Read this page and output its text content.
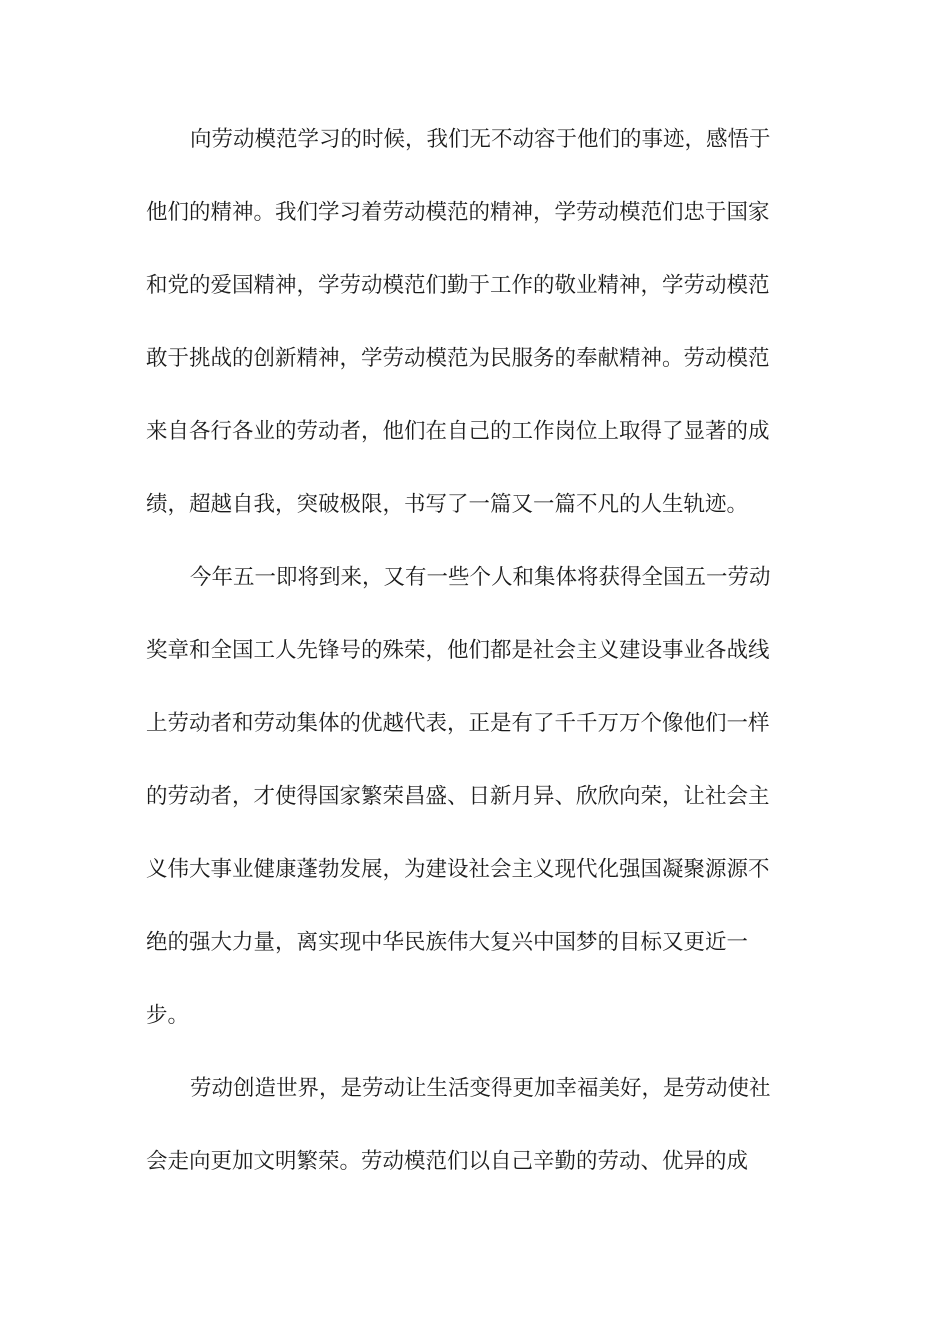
向劳动模范学习的时候，我们无不动容于他们的事迹，感悟于
他们的精神。我们学习着劳动模范的精神，学劳动模范们忠于国家
和党的爱国精神，学劳动模范们勤于工作的敬业精神，学劳动模范
敢于挑战的创新精神，学劳动模范为民服务的奉献精神。劳动模范
来自各行各业的劳动者，他们在自己的工作岗位上取得了显著的成
绩，超越自我，突破极限，书写了一篇又一篇不凡的人生轨迹。
今年五一即将到来，又有一些个人和集体将获得全国五一劳动
奖章和全国工人先锋号的殊荣，他们都是社会主义建设事业各战线
上劳动者和劳动集体的优越代表，正是有了千千万万个像他们一样
的劳动者，才使得国家繁荣昌盛、日新月异、欣欣向荣，让社会主
义伟大事业健康蓬勃发展，为建设社会主义现代化强国凝聚源源不
绝的强大力量，离实现中华民族伟大复兴中国梦的目标又更近一
步。
劳动创造世界，是劳动让生活变得更加幸福美好，是劳动使社
会走向更加文明繁荣。劳动模范们以自己辛勤的劳动、优异的成
